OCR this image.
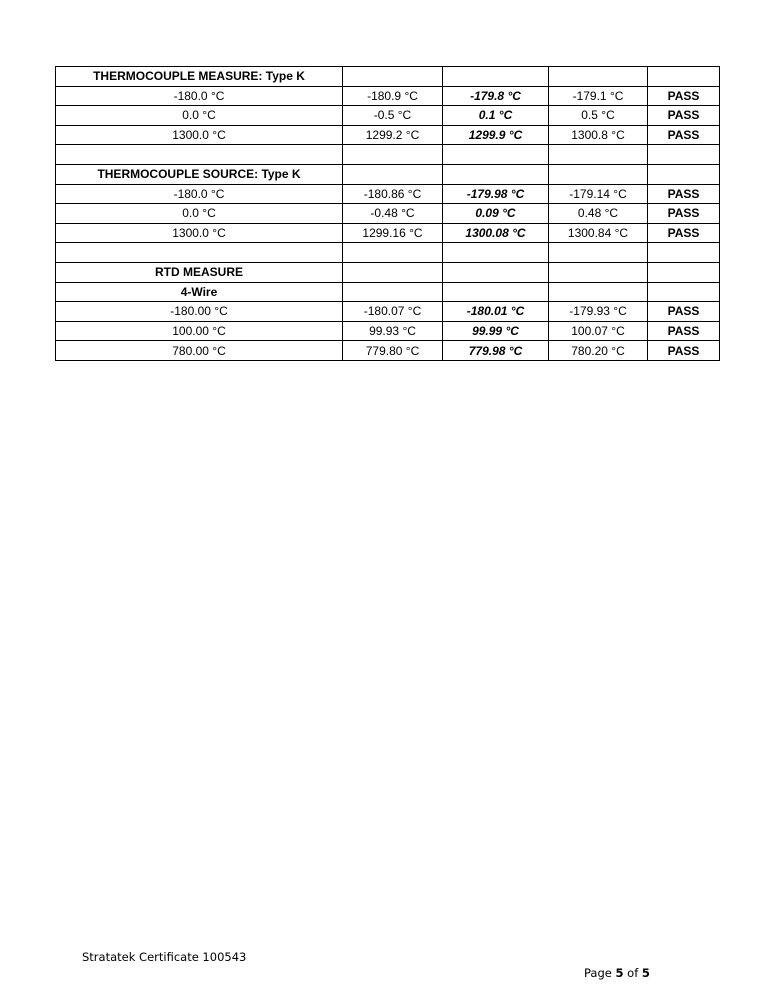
THERMOCOUPLE MEASURE: Type K				
-180.0 °C	-180.9 °C	-179.8 °C	-179.1 °C	PASS
0.0 °C	-0.5 °C	0.1 °C	0.5 °C	PASS
1300.0 °C	1299.2 °C	1299.9 °C	1300.8 °C	PASS

THERMOCOUPLE SOURCE: Type K				
-180.0 °C	-180.86 °C	-179.98 °C	-179.14 °C	PASS
0.0 °C	-0.48 °C	0.09 °C	0.48 °C	PASS
1300.0 °C	1299.16 °C	1300.08 °C	1300.84 °C	PASS

RTD MEASURE				
4-Wire				
-180.00 °C	-180.07 °C	-180.01 °C	-179.93 °C	PASS
100.00 °C	99.93 °C	99.99 °C	100.07 °C	PASS
780.00 °C	779.80 °C	779.98 °C	780.20 °C	PASS
Stratatek Certificate 100543
Page 5 of 5
